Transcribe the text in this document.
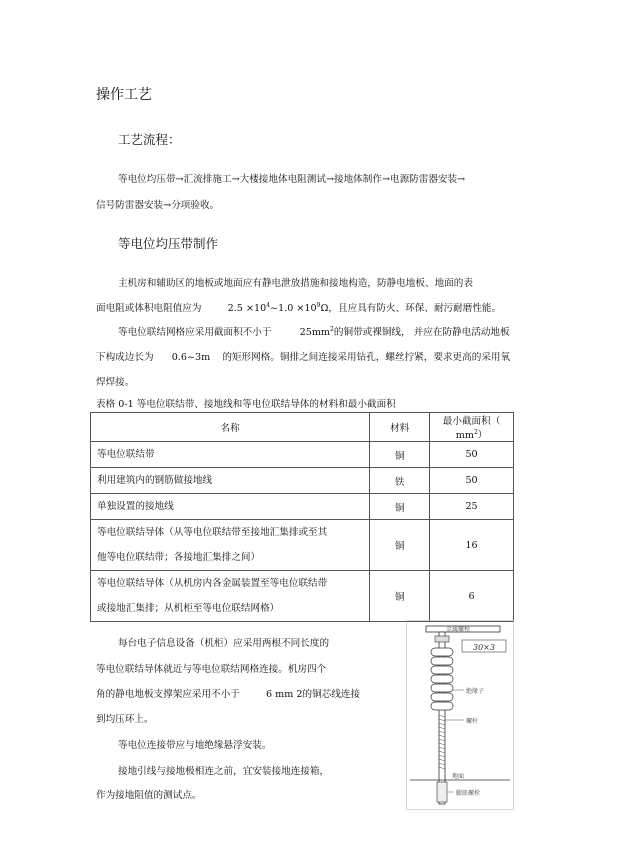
操作工艺
工艺流程：
等电位均压带→汇流排施工→大楼接地体电阻测试→接地体制作→电源防雷器安装→
信号防雷器安装→分项验收。
等电位均压带制作
主机房和辅助区的地板或地面应有静电泄放措施和接地构造，防静电地板、地面的表
面电阻或体积电阻值应为	$2.5 \times 10^4\sim 1.0 \times 10^9\Omega$，且应具有防火、环保、耐污耐磨性能。
等电位联结网格应采用截面积不小于	$25mm^2$的铜带或裸铜线， 并应在防静电活动地板
下构成边长为 0.6~3m 的矩形网格。铜排之间连接采用钻孔，螺丝拧紧，要求更高的采用氧
焊焊接。
表格 0-1 等电位联结带、接地线和等电位联结导体的材料和最小截面积
名称	材料	最小截面积（ $mm^2$）
等电位联结带	铜	50
利用建筑内的钢筋做接地线	铁	50
单独设置的接地线	铜	25

等电位联结导体（从等电位联结带至接地汇集排或至其
他等电位联结带；各接地汇集排之间）	铜	16

等电位联结导体（从机房内各金属装置至等电位联结带
或接地汇集排；从机柜至等电位联结网格）	铜	6
每台电子信息设备（机柜）应采用两根不同长度的
等电位联结导体就近与等电位联结网格连接。机房四个
角的静电地板支撑架应采用不小于	6 mm 2的铜芯线连接
到均压环上。
等电位连接带应与地绝缘悬浮安装。
接地引线与接地极相连之前，宜安装接地连接箱，
作为接地阻值的测试点。
金属螺栓
30×3
绝缘子
螺杆
地面
膨胀螺栓
